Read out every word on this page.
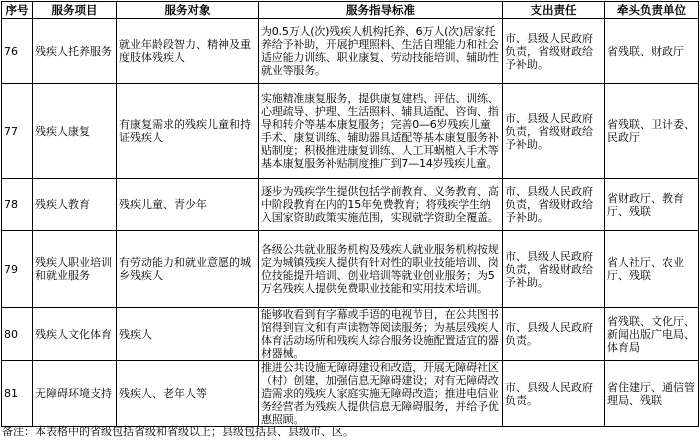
序号	服务项目	服务对象	服务指导标准	支出责任	牵头负责单位
76	残疾人托养服务	就业年龄段智力、精神及重度肢体残疾人	为0.5万人(次)残疾人机构托养、6万人(次)居家托养给予补助，开展护理照料、生活自理能力和社会适应能力训练、职业康复、劳动技能培训、辅助性就业等服务。	市、县级人民政府负责，省级财政给予补助。	省残联、财政厅
77	残疾人康复	有康复需求的残疾儿童和持证残疾人	实施精准康复服务，提供康复建档、评估、训练、心理疏导、护理、生活照料、辅具适配、咨询、指导和转介等基本康复服务；完善0—6岁残疾儿童手术、康复训练、辅助器具适配等基本康复服务补贴制度；积极推进康复训练、人工耳蜗植入手术等基本康复服务补贴制度推广到7—14岁残疾儿童。	市、县级人民政府负责，省级财政给予补助。	省残联、卫计委、民政厅
78	残疾人教育	残疾儿童、青少年	逐步为残疾学生提供包括学前教育、义务教育、高中阶段教育在内的15年免费教育；将残疾学生纳入国家资助政策实施范围，实现就学资助全覆盖。	市、县级人民政府负责，省级财政给予补助。	省财政厅、教育厅、残联
79	残疾人职业培训和就业服务	有劳动能力和就业意愿的城乡残疾人	各级公共就业服务机构及残疾人就业服务机构按规定为城镇残疾人提供有针对性的职业技能培训、岗位技能提升培训、创业培训等就业创业服务；为5万名残疾人提供免费职业技能和实用技术培训。	市、县级人民政府负责，省级财政给予补助。	省人社厅、农业厅、残联
80	残疾人文化体育	残疾人	能够收看到有字幕或手语的电视节目，在公共图书馆得到盲文和有声读物等阅读服务；为基层残疾人体育活动场所和残疾人综合服务设施配置适宜的器材器械。	市、县级人民政府负责。	省残联、文化厅、新闻出版广电局、体育局
81	无障碍环境支持	残疾人、老年人等	推进公共设施无障碍建设和改造，开展无障碍社区（村）创建，加强信息无障碍建设；对有无障碍改造需求的残疾人家庭实施无障碍改造；推进电信业务经营者为残疾人提供信息无障碍服务，并给予优惠照顾。	市、县级人民政府负责。	省住建厅、通信管理局、残联
备注：本表格中的省级包括省级和省级以上；县级包括县、县级市、区。
